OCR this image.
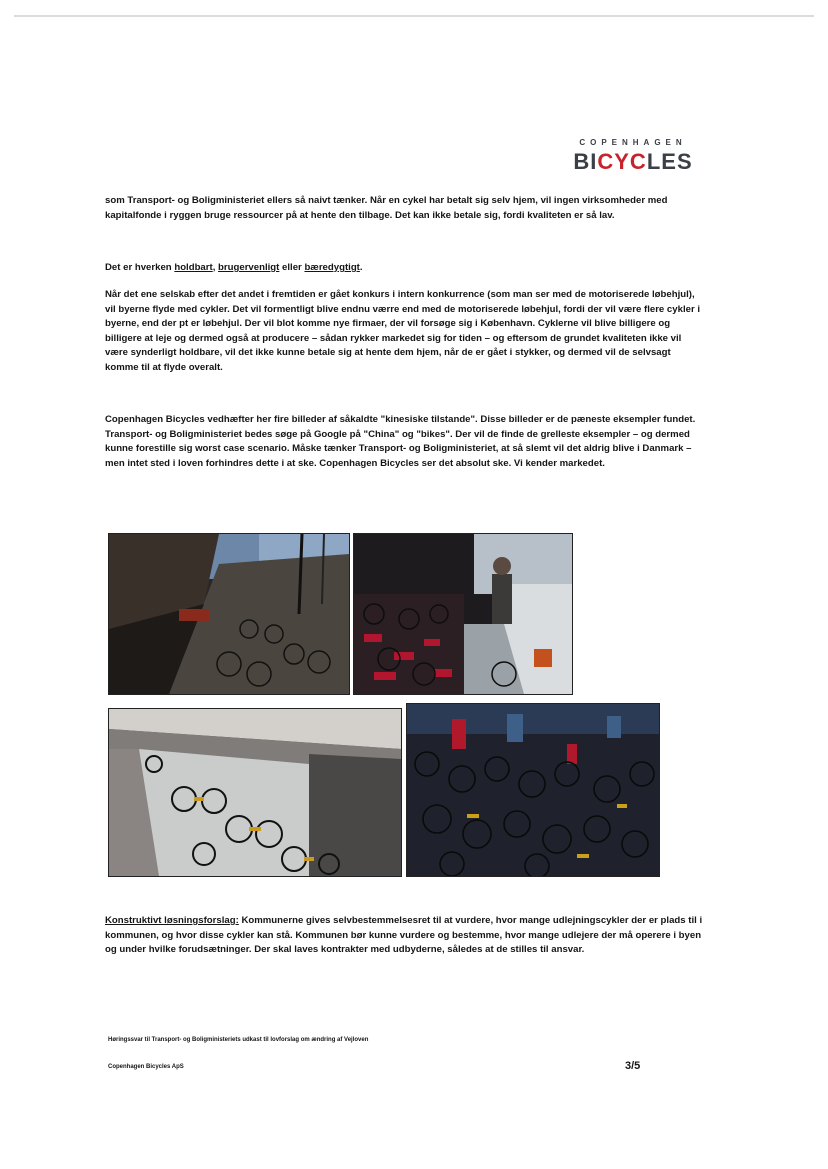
COPENHAGEN
BICYCLES
som Transport- og Boligministeriet ellers så naivt tænker. Når en cykel har betalt sig selv hjem, vil ingen virksomheder med kapitalfonde i ryggen bruge ressourcer på at hente den tilbage. Det kan ikke betale sig, fordi kvaliteten er så lav.
Det er hverken holdbart, brugervenligt eller bæredygtigt.
Når det ene selskab efter det andet i fremtiden er gået konkurs i intern konkurrence (som man ser med de motoriserede løbehjul), vil byerne flyde med cykler. Det vil formentligt blive endnu værre end med de motoriserede løbehjul, fordi der vil være flere cykler i byerne, end der pt er løbehjul. Der vil blot komme nye firmaer, der vil forsøge sig i København. Cyklerne vil blive billigere og billigere at leje og dermed også at producere – sådan rykker markedet sig for tiden – og eftersom de grundet kvaliteten ikke vil være synderligt holdbare, vil det ikke kunne betale sig at hente dem hjem, når de er gået i stykker, og dermed vil de selvsagt komme til at flyde overalt.
Copenhagen Bicycles vedhæfter her fire billeder af såkaldte "kinesiske tilstande". Disse billeder er de pæneste eksempler fundet. Transport- og Boligministeriet bedes søge på Google på "China" og "bikes". Der vil de finde de grelleste eksempler – og dermed kunne forestille sig worst case scenario. Måske tænker Transport- og Boligministeriet, at så slemt vil det aldrig blive i Danmark – men intet sted i loven forhindres dette i at ske. Copenhagen Bicycles ser det absolut ske. Vi kender markedet.
Konstruktivt løsningsforslag: Kommunerne gives selvbestemmelsesret til at vurdere, hvor mange udlejningscykler der er plads til i kommunen, og hvor disse cykler kan stå. Kommunen bør kunne vurdere og bestemme, hvor mange udlejere der må operere i byen og under hvilke forudsætninger. Der skal laves kontrakter med udbyderne, således at de stilles til ansvar.
Høringssvar til Transport- og Boligministeriets udkast til lovforslag om ændring af Vejloven
Copenhagen Bicycles ApS	3/5
